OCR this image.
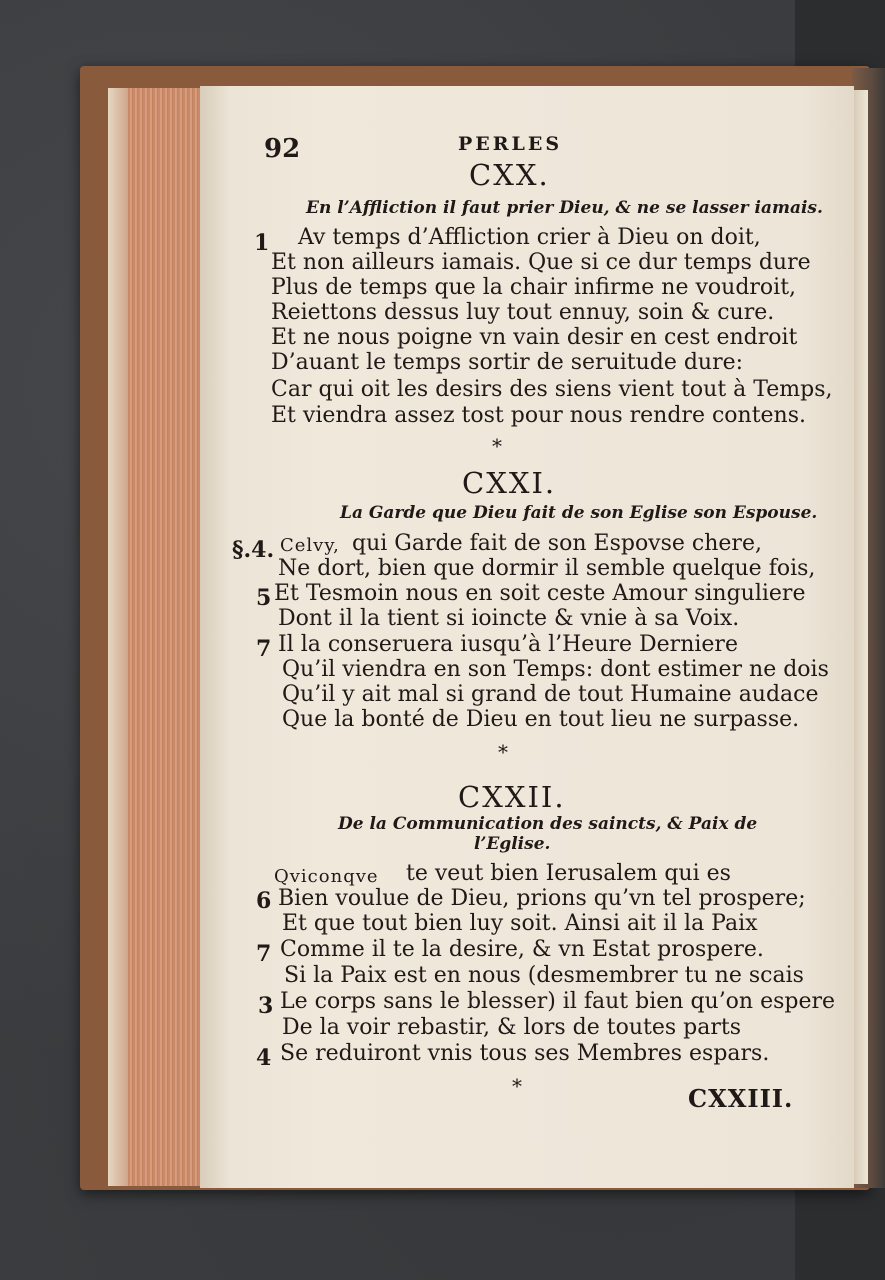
92	PERLES
CXX.
En l’Affliction il faut prier Dieu, & ne se lasser iamais.
1 Av temps d’Affliction crier à Dieu on doit,
Et non ailleurs iamais. Que si ce dur temps dure
Plus de temps que la chair infirme ne voudroit,
Reiettons dessus luy tout ennuy, soin & cure.
Et ne nous poigne vn vain desir en cest endroit
D’auant le temps sortir de seruitude dure:
Car qui oit les desirs des siens vient tout à Temps,
Et viendra assez tost pour nous rendre contens.
*
CXXI.
La Garde que Dieu fait de son Eglise son Espouse.
§.4. Celvy, qui Garde fait de son Espovse chere,
Ne dort, bien que dormir il semble quelque fois,
5 Et Tesmoin nous en soit ceste Amour singuliere
Dont il la tient si ioincte & vnie à sa Voix.
7 Il la conseruera iusqu’à l’Heure Derniere
Qu’il viendra en son Temps: dont estimer ne dois
Qu’il y ait mal si grand de tout Humaine audace
Que la bonté de Dieu en tout lieu ne surpasse.
*
CXXII.
De la Communication des saincts, & Paix de
l’Eglise.
Qviconqve te veut bien Ierusalem qui es
6 Bien voulue de Dieu, prions qu’vn tel prospere;
Et que tout bien luy soit. Ainsi ait il la Paix
7 Comme il te la desire, & vn Estat prospere.
Si la Paix est en nous (desmembrer tu ne scais
3 Le corps sans le blesser) il faut bien qu’on espere
De la voir rebastir, & lors de toutes parts
4 Se reduiront vnis tous ses Membres espars.
*	CXXIII.
